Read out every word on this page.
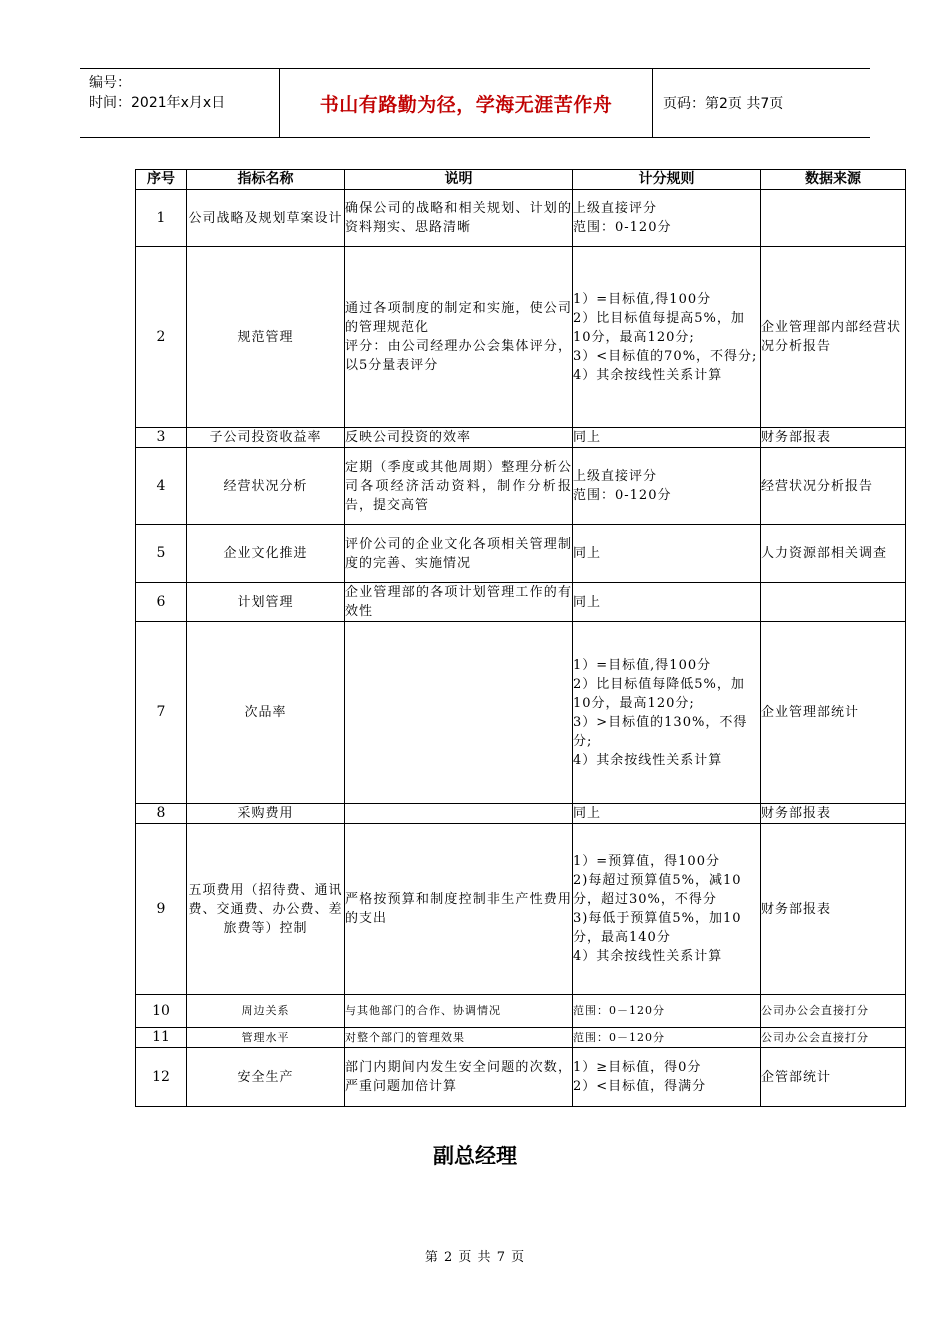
编号：
时间：2021年x月x日	书山有路勤为径，学海无涯苦作舟	页码：第2页 共7页
序号	指标名称	说明	计分规则	数据来源
1	公司战略及规划草案设计	确保公司的战略和相关规划、计划的资料翔实、思路清晰	上级直接评分
范围：0-120分	

2	规范管理	通过各项制度的制定和实施，使公司的管理规范化
评分：由公司经理办公会集体评分，以5分量表评分	1）=目标值,得100分
2）比目标值每提高5%，加10分，最高120分;
3）<目标值的70%，不得分;
4）其余按线性关系计算	企业管理部内部经营状况分析报告
3	子公司投资收益率	反映公司投资的效率	同上	财务部报表
4	经营状况分析	定期（季度或其他周期）整理分析公司各项经济活动资料，制作分析报告，提交高管	上级直接评分
范围：0-120分	经营状况分析报告
5	企业文化推进	评价公司的企业文化各项相关管理制度的完善、实施情况	同上	人力资源部相关调查
6	计划管理	企业管理部的各项计划管理工作的有效性	同上	

7	次品率		1）=目标值,得100分
2）比目标值每降低5%，加10分，最高120分;
3）>目标值的130%，不得分;
4）其余按线性关系计算	企业管理部统计
8	采购费用		同上	财务部报表
9	五项费用（招待费、通讯费、交通费、办公费、差旅费等）控制	严格按预算和制度控制非生产性费用的支出	1）=预算值，得100分
2)每超过预算值5%，减10分，超过30%，不得分
3)每低于预算值5%，加10分，最高140分
4）其余按线性关系计算	财务部报表
10	周边关系	与其他部门的合作、协调情况	范围：0－120分	公司办公会直接打分
11	管理水平	对整个部门的管理效果	范围：0－120分	公司办公会直接打分
12	安全生产	部门内期间内发生安全问题的次数，严重问题加倍计算	1）≥目标值，得0分
2）<目标值，得满分	企管部统计
副总经理
第 2 页 共 7 页
